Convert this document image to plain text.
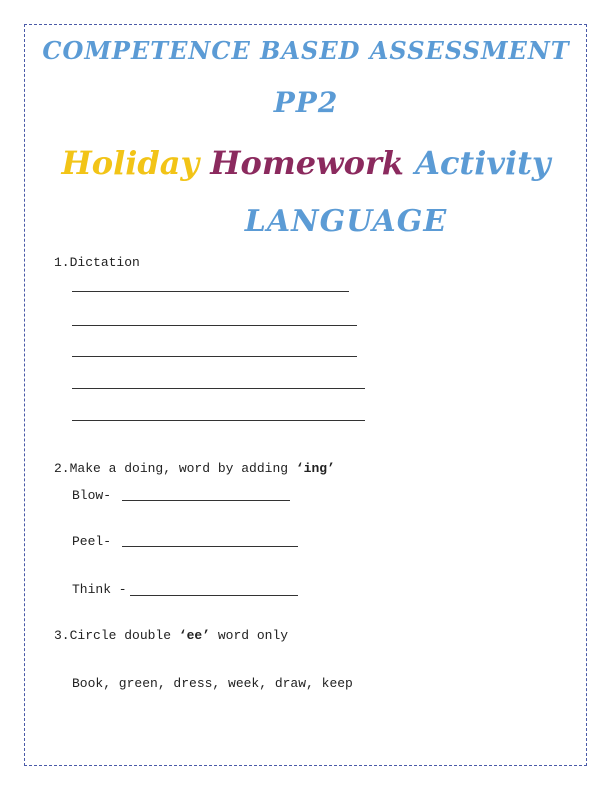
COMPETENCE BASED ASSESSMENT
PP2
Holiday Homework Activity
LANGUAGE
1.Dictation
2.Make a doing, word by adding ‘ing’
Blow-
Peel-
Think -
3.Circle double ‘ee’ word only
Book, green, dress, week, draw, keep
